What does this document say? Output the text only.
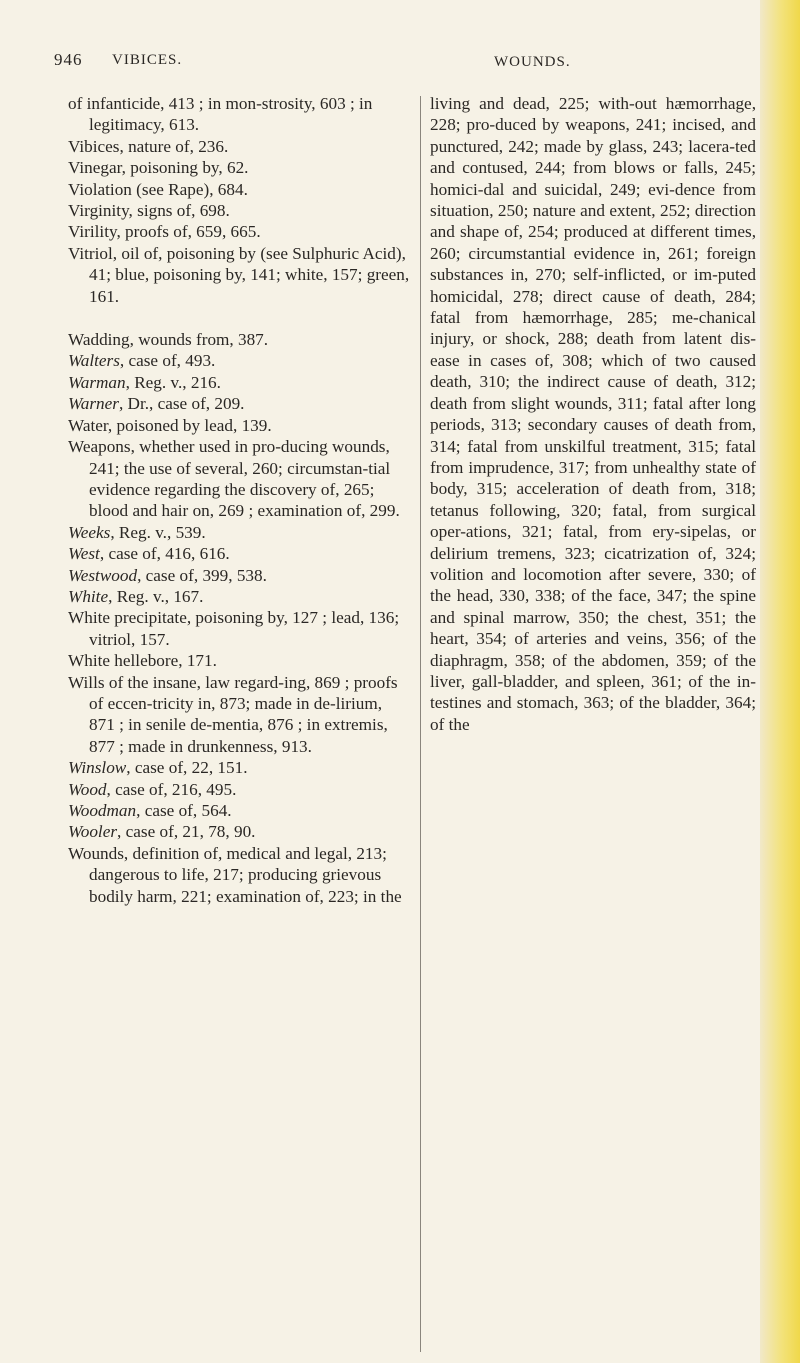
946 VIBICES.	WOUNDS.
of infanticide, 413 ; in mon-strosity, 603 ; in legitimacy, 613.
Vibices, nature of, 236.
Vinegar, poisoning by, 62.
Violation (see Rape), 684.
Virginity, signs of, 698.
Virility, proofs of, 659, 665.
Vitriol, oil of, poisoning by (see Sulphuric Acid), 41; blue, poisoning by, 141; white, 157; green, 161.
Wadding, wounds from, 387.
Walters, case of, 493.
Warman, Reg. v., 216.
Warner, Dr., case of, 209.
Water, poisoned by lead, 139.
Weapons, whether used in pro-ducing wounds, 241; the use of several, 260; circumstan-tial evidence regarding the discovery of, 265; blood and hair on, 269 ; examination of, 299.
Weeks, Reg. v., 539.
West, case of, 416, 616.
Westwood, case of, 399, 538.
White, Reg. v., 167.
White precipitate, poisoning by, 127 ; lead, 136; vitriol, 157.
White hellebore, 171.
Wills of the insane, law regard-ing, 869 ; proofs of eccen-tricity in, 873; made in de-lirium, 871 ; in senile de-mentia, 876 ; in extremis, 877 ; made in drunkenness, 913.
Winslow, case of, 22, 151.
Wood, case of, 216, 495.
Woodman, case of, 564.
Wooler, case of, 21, 78, 90.
Wounds, definition of, medical and legal, 213; dangerous to life, 217; producing grievous bodily harm, 221; examination of, 223; in the
living and dead, 225; with-out hæmorrhage, 228; pro-duced by weapons, 241; incised, and punctured, 242; made by glass, 243; lacera-ted and contused, 244; from blows or falls, 245; homici-dal and suicidal, 249; evi-dence from situation, 250; nature and extent, 252; direction and shape of, 254; produced at different times, 260; circumstantial evidence in, 261; foreign substances in, 270; self-inflicted, or im-puted homicidal, 278; direct cause of death, 284; fatal from hæmorrhage, 285; me-chanical injury, or shock, 288; death from latent dis-ease in cases of, 308; which of two caused death, 310; the indirect cause of death, 312; death from slight wounds, 311; fatal after long periods, 313; secondary causes of death from, 314; fatal from unskilful treatment, 315; fatal from imprudence, 317; from unhealthy state of body, 315; acceleration of death from, 318; tetanus following, 320; fatal, from surgical oper-ations, 321; fatal, from ery-sipelas, or delirium tremens, 323; cicatrization of, 324; volition and locomotion after severe, 330; of the head, 330, 338; of the face, 347; the spine and spinal marrow, 350; the chest, 351; the heart, 354; of arteries and veins, 356; of the diaphragm, 358; of the abdomen, 359; of the liver, gall-bladder, and spleen, 361; of the in-testines and stomach, 363; of the bladder, 364; of the
